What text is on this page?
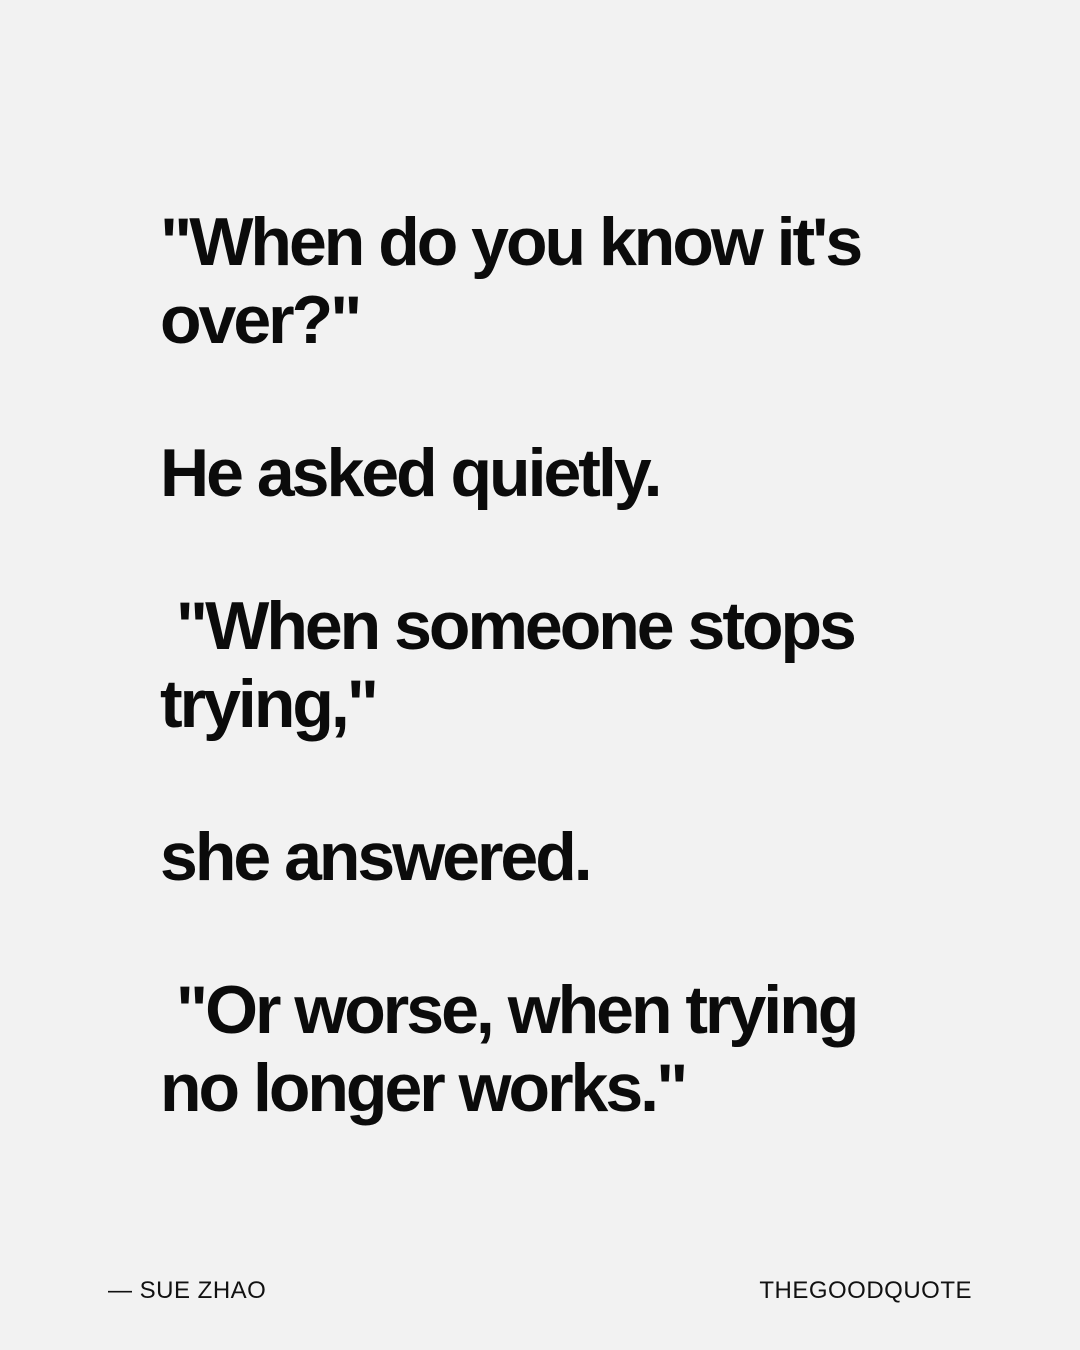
"When do you know it's

over?"

He asked quietly.

"When someone stops

trying,"

she answered.

"Or worse, when trying

no longer works."

— SUE ZHAO	THEGOODQUOTE
